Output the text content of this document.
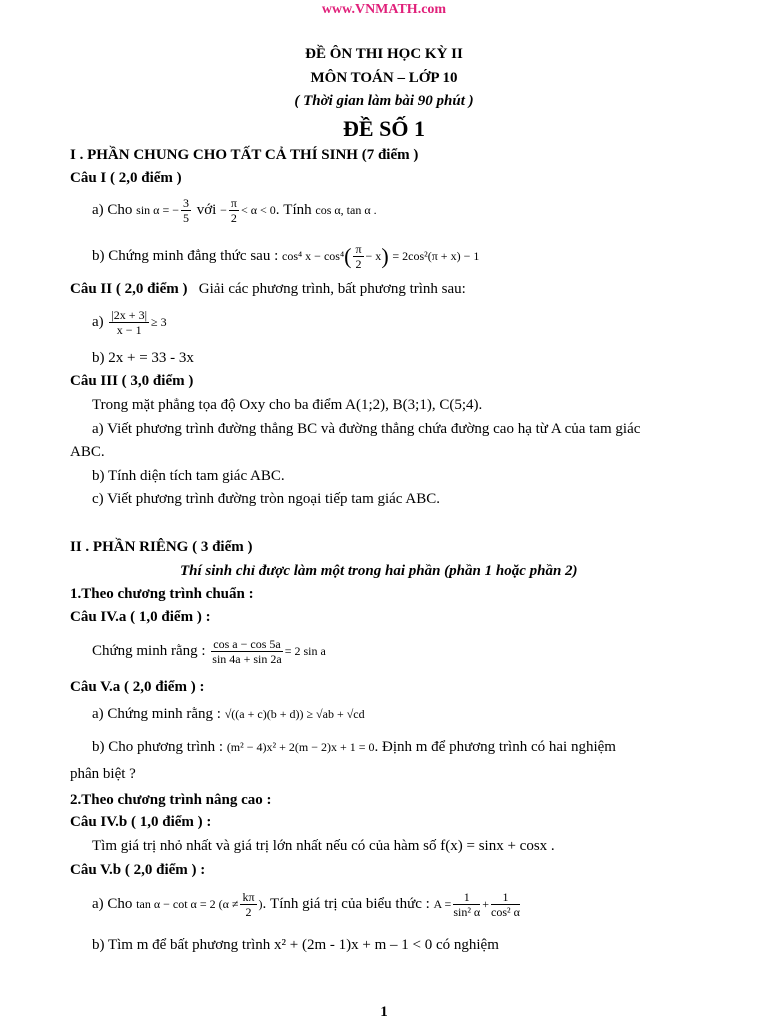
www.VNMATH.com
ĐỀ ÔN THI HỌC KỲ II
MÔN TOÁN – LỚP 10
( Thời gian làm bài 90 phút )
ĐỀ SỐ 1
I . PHẦN CHUNG CHO TẤT CẢ THÍ SINH (7 điểm )
Câu I ( 2,0 điểm )
a) Cho sin α = − $\frac{3}{5}$ với − $\frac{\pi}{2} < \alpha < 0$. Tính cos α, tan α .
b) Chứng minh đẳng thức sau : cos⁴ $x - \cos^4( \frac{\pi}{2} - x) = 2\cos^2(\pi + x) - 1$
Câu II ( 2,0 điểm ) Giải các phương trình, bất phương trình sau:
$a) \frac{|2x + 3|}{x - 1} \ge 3$
b) 2x + = 33 - 3x
Câu III ( 3,0 điểm )
Trong mặt phẳng tọa độ Oxy cho ba điểm A(1;2), B(3;1), C(5;4).
a) Viết phương trình đường thẳng BC và đường thẳng chứa đường cao hạ từ A của tam giác
ABC.
b) Tính diện tích tam giác ABC.
c) Viết phương trình đường tròn ngoại tiếp tam giác ABC.
II . PHẦN RIÊNG ( 3 điểm )
Thí sinh chỉ được làm một trong hai phần (phần 1 hoặc phần 2)
1.Theo chương trình chuẩn :
Câu IV.a ( 1,0 điểm ) :
Chứng minh rằng : $\frac{\text{cos a − cos 5a}}{\sin 4a + \sin 2a} = 2$ sin a
Câu V.a ( 2,0 điểm ) :
a) Chứng minh rằng : √((a + c)(b + d)) ≥ √ab + √cd
b) Cho phương trình : (m² − 4)x² + 2(m − 2)x + 1 = 0. Định m để phương trình có hai nghiệm
phân biệt ?
2.Theo chương trình nâng cao :
Câu IV.b ( 1,0 điểm ) :
Tìm giá trị nhỏ nhất và giá trị lớn nhất nếu có của hàm số f(x) = sinx + cosx .
Câu V.b ( 2,0 điểm ) :
a) Cho tan α − cot α = 2 ($\alpha \ne \frac{k\pi}{2}$ ). Tính giá trị của biểu thức : $A = \frac{1}{\text{sin² α}} + \frac{1}{\text{cos² α}}$
b) Tìm m để bất phương trình x² + (2m - 1)x + m – 1 < 0 có nghiệm
1
